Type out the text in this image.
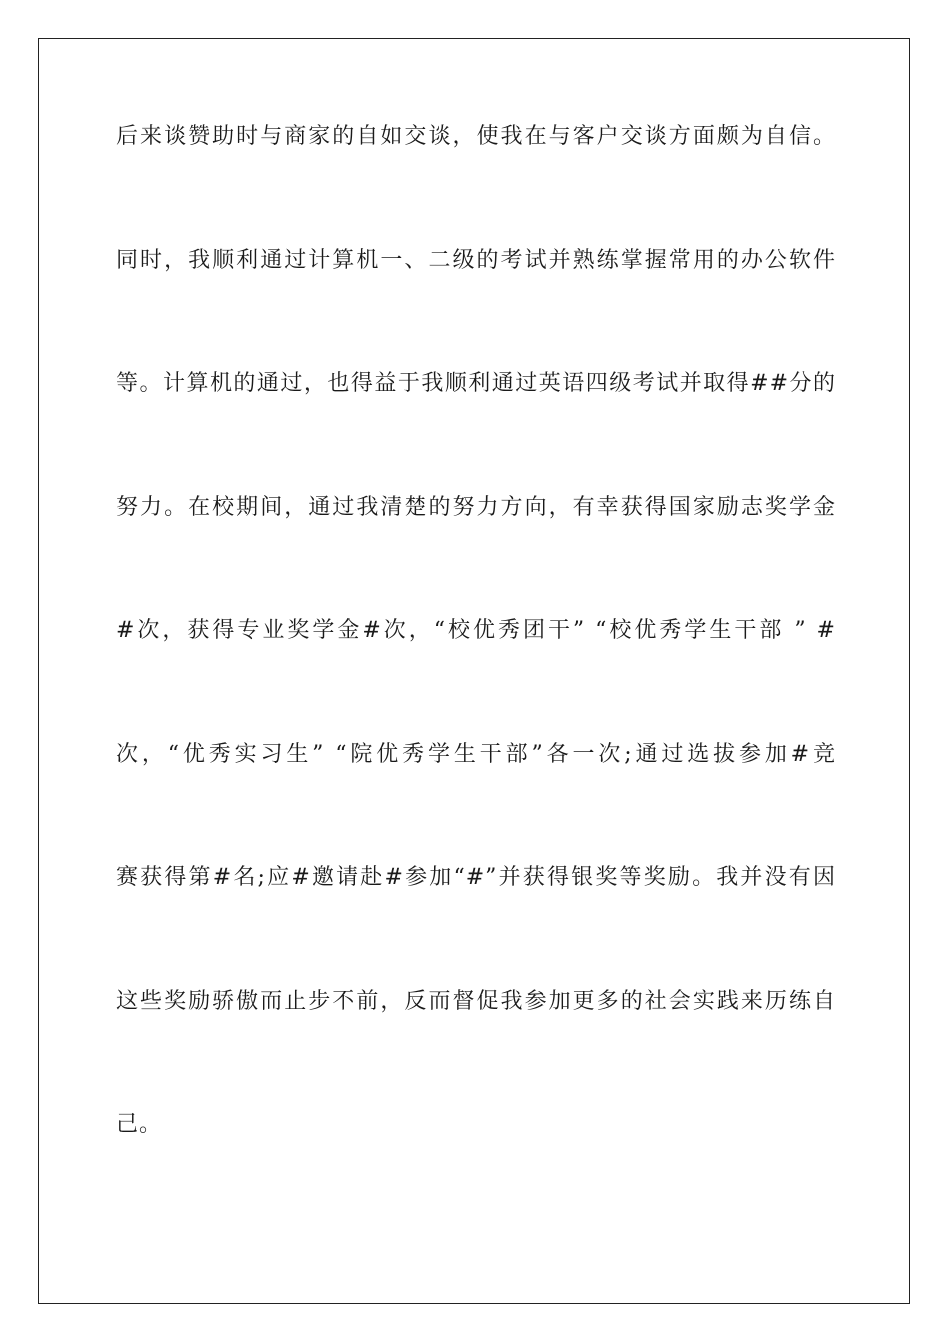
后来谈赞助时与商家的自如交谈，使我在与客户交谈方面颇为自信。
同时，我顺利通过计算机一、二级的考试并熟练掌握常用的办公软件
等。计算机的通过，也得益于我顺利通过英语四级考试并取得##分的
努力。在校期间，通过我清楚的努力方向，有幸获得国家励志奖学金
#次，获得专业奖学金#次，“校优秀团干” “校优秀学生干部 ” #
次，“优秀实习生” “院优秀学生干部”各一次;通过选拔参加#竞
赛获得第#名;应#邀请赴#参加“#”并获得银奖等奖励。我并没有因
这些奖励骄傲而止步不前，反而督促我参加更多的社会实践来历练自
己。
